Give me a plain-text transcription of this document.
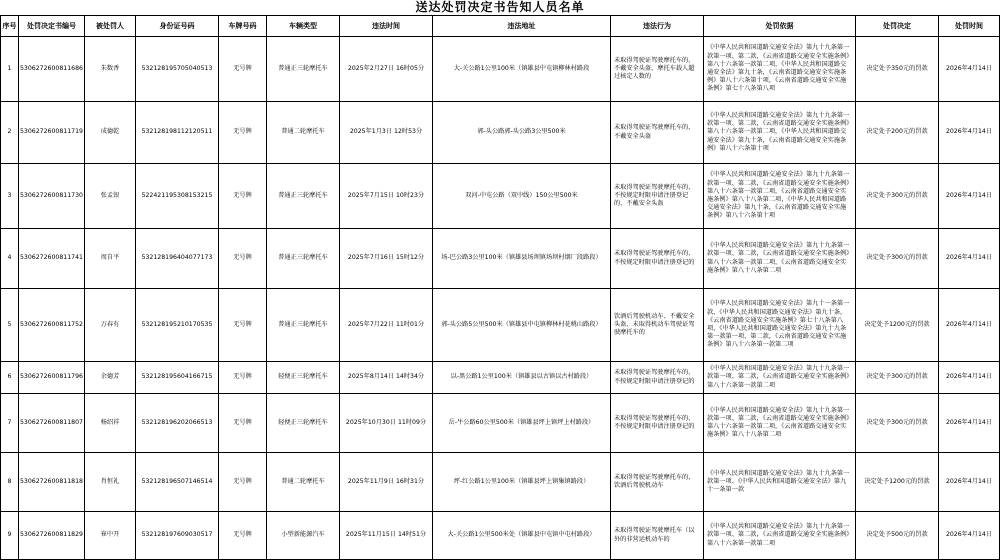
送达处罚决定书告知人员名单
序号	处罚决定书编号	被处罚人	身份证号码	车牌号码	车辆类型	违法时间	违法地址	违法行为	处罚依据	处罚决定	处罚时间
1	5306272600811686	朱数香	532128195705040513	无号牌	普通正三轮摩托车	2025年2月27日 16时05分	大-关公路1公里100米（镇雄县中屯镇柳林村路段	未取得驾驶证驾驶摩托车的、不戴安全头盔、摩托车载人超过核定人数的	《中华人民共和国道路交通安全法》第九十九条第一款第一项、第二款，《云南省道路交通安全实施条例》第八十六条第一款第二项，《中华人民共和国道路交通安全法》第九十条，《云南省道路交通安全实施条例》第八十六条第十项，《云南省道路交通安全实施条例》第七十八条第八项	决定处予350元的罚款	2026年4月14日
2	5306272600811719	成德乾	532128198112120511	无号牌	普通二轮摩托车	2025年1月3日 12时53分	郭-头公路郭-头公路3公里500米	未取得驾驶证驾驶摩托车的、不戴安全头盔	《中华人民共和国道路交通安全法》第九十九条第一款第一项、第二款，《云南省道路交通安全实施条例》第八十六条第一款第二项，《中华人民共和国道路交通安全法》第九十条，《云南省道路交通安全实施条例》第八十六条第十项	决定处予200元的罚款	2026年4月14日
3	5306272600811730	张孟银	522421195308153215	无号牌	普通正三轮摩托车	2025年7月15日 10时23分	双河-中屯公路（双中线）150公里500米	未取得驾驶证驾驶摩托车的、不按规定时限申请注册登记的、不戴安全头盔	《中华人民共和国道路交通安全法》第九十九条第一款第一项、第二款，《云南省道路交通安全实施条例》第八十六条第一款第二项，《云南省道路交通安全实施条例》第八十八条第二项，《中华人民共和国道路交通安全法》第九十条，《云南省道路交通安全实施条例》第八十六条第十项	决定处予300元的罚款	2026年4月14日
4	5306272600811741	周自平	532128196404077173	无号牌	普通正三轮摩托车	2025年7月16日 15时12分	场-巴公路3公里100米（镇雄县场坝镇场坝村烟厂段路段）	未取得驾驶证驾驶摩托车的、不按规定时限申请注册登记的	《中华人民共和国道路交通安全法》第九十九条第一款第一项、第二款，《云南省道路交通安全实施条例》第八十六条第一款第二项，《云南省道路交通安全实施条例》第八十八条第二项	决定处予300元的罚款	2026年4月14日
5	5306272600811752	万春有	532128195210170535	无号牌	普通正三轮摩托车	2025年7月22日 11时01分	郭-头公路5公里500米（镇雄县中屯镇柳林村花桃山路段）	饮酒后驾驶机动车、不戴安全头盔、未取得机动车驾驶证驾驶摩托车的	《中华人民共和国道路交通安全法》第九十一条第一款，《中华人民共和国道路交通安全法》第九十条，《云南省道路交通安全实施条例》第七十八条第八项，《中华人民共和国道路交通安全法》第九十九条第一款第一项、第二款，《云南省道路交通安全实施条例》第八十六条第一款第二项	决定处予1200元的罚款	2026年4月14日
6	5306272600811796	余德芳	532128195604166715	无号牌	轻便正三轮摩托车	2025年8月14日 14时34分	以-黑公路1公里100米（镇雄县以古镇以古村路段）	未取得驾驶证驾驶摩托车的、不按规定时限申请注册登记的	《中华人民共和国道路交通安全法》第九十九条第一款第一项、第二款，《云南省道路交通安全实施条例》第八十六条第一款第二项	决定处予300元的罚款	2026年4月14日
7	5306272600811807	杨绍祥	532128196202066513	无号牌	轻便正三轮摩托车	2025年10月30日 11时09分	岳-牛公路60公里500米（镇雄县坪上镇坪上村路段）	未取得驾驶证驾驶摩托车的、不按规定时限申请注册登记的	《中华人民共和国道路交通安全法》第九十九条第一款第一项、第二款，《云南省道路交通安全实施条例》第八十六条第一款第二项，《云南省道路交通安全实施条例》第八十八条第二项	决定处予300元的罚款	2026年4月14日
8	5306272600811818	肖恒礼	532128196507146514	无号牌	普通二轮摩托车	2025年11月9日 16时31分	坪-红公路1公里100米（镇雄县坪上镇集镇路段）	未取得驾驶证驾驶摩托车的，饮酒后驾驶机动车	《中华人民共和国道路交通安全法》第九十九条第一款第一项、《中华人民共和国道路交通安全法》第九十一条第一款	决定处予1200元的罚款	2026年4月14日
9	5306272600811829	崔中开	532128197609030517	无号牌	小型新能源汽车	2025年11月15日 14时51分	大-关公路1公里500米处（镇雄县中屯镇中屯村路段）	未取得驾驶证驾驶摩托车（以外的非营运机动车的	《中华人民共和国道路交通安全法》第九十九条第一款第一项、第二款，《云南省道路交通安全实施条例》第八十六条第一款第二项	决定处予500元的罚款	2026年4月14日
